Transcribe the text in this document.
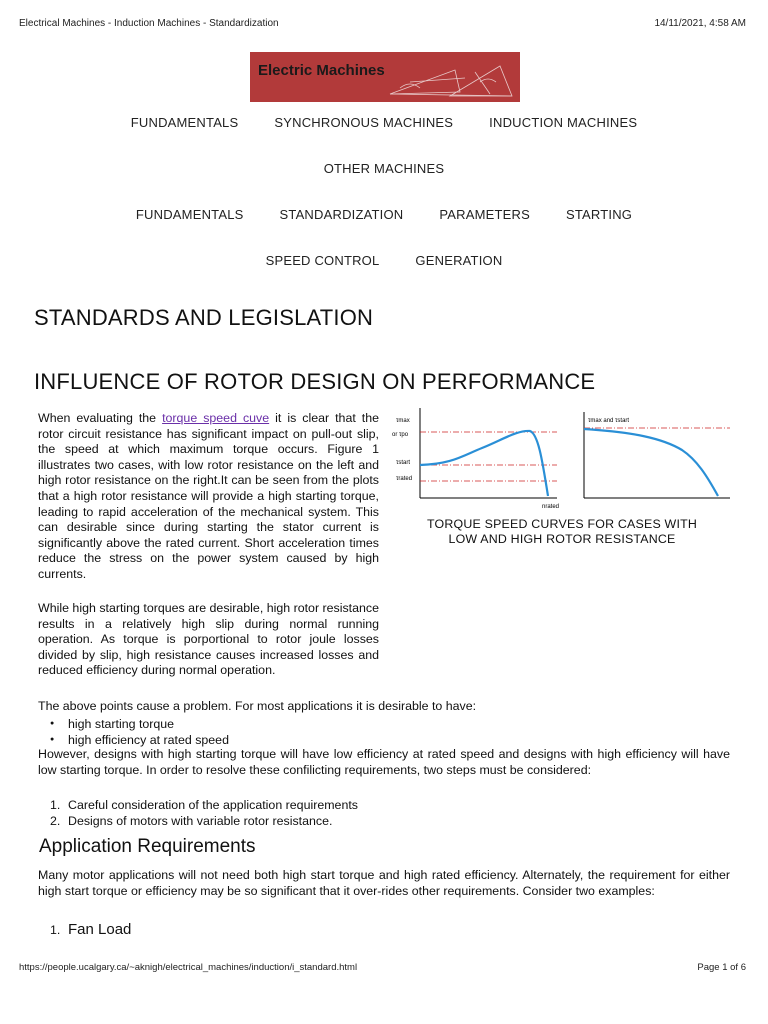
Electrical Machines - Induction Machines - Standardization	14/11/2021, 4:58 AM
Electric Machines
FUNDAMENTALS	SYNCHRONOUS MACHINES	INDUCTION MACHINES
OTHER MACHINES
FUNDAMENTALS	STANDARDIZATION	PARAMETERS	STARTING
SPEED CONTROL	GENERATION
STANDARDS AND LEGISLATION
INFLUENCE OF ROTOR DESIGN ON PERFORMANCE
When evaluating the torque speed cuve it is clear that the rotor circuit resistance has significant impact on pull-out slip, the speed at which maximum torque occurs. Figure 1 illustrates two cases, with low rotor resistance on the left and high rotor resistance on the right.It can be seen from the plots that a high rotor resistance will provide a high starting torque, leading to rapid acceleration of the mechanical system. This can desirable since during starting the stator current is significantly above the rated current. Short acceleration times reduce the stress on the power system caused by high currents.
While high starting torques are desirable, high rotor resistance results in a relatively high slip during normal running operation. As torque is porportional to rotor joule losses divided by slip, high resistance causes increased losses and reduced efficiency during normal operation.
τmax
or τpo
τstart
τrated
nrated
τmax and τstart
TORQUE SPEED CURVES FOR CASES WITH
LOW AND HIGH ROTOR RESISTANCE
The above points cause a problem. For most applications it is desirable to have:
● high starting torque
● high efficiency at rated speed
However, designs with high starting torque will have low efficiency at rated speed and designs with high efficiency will have low starting torque. In order to resolve these confilicting requirements, two steps must be considered:
1. Careful consideration of the application requirements
2. Designs of motors with variable rotor resistance.
Application Requirements
Many motor applications will not need both high start torque and high rated efficiency. Alternately, the requirement for either high start torque or efficiency may be so significant that it over-rides other requirements. Consider two examples:
1. Fan Load
https://people.ucalgary.ca/~aknigh/electrical_machines/induction/i_standard.html	Page 1 of 6
